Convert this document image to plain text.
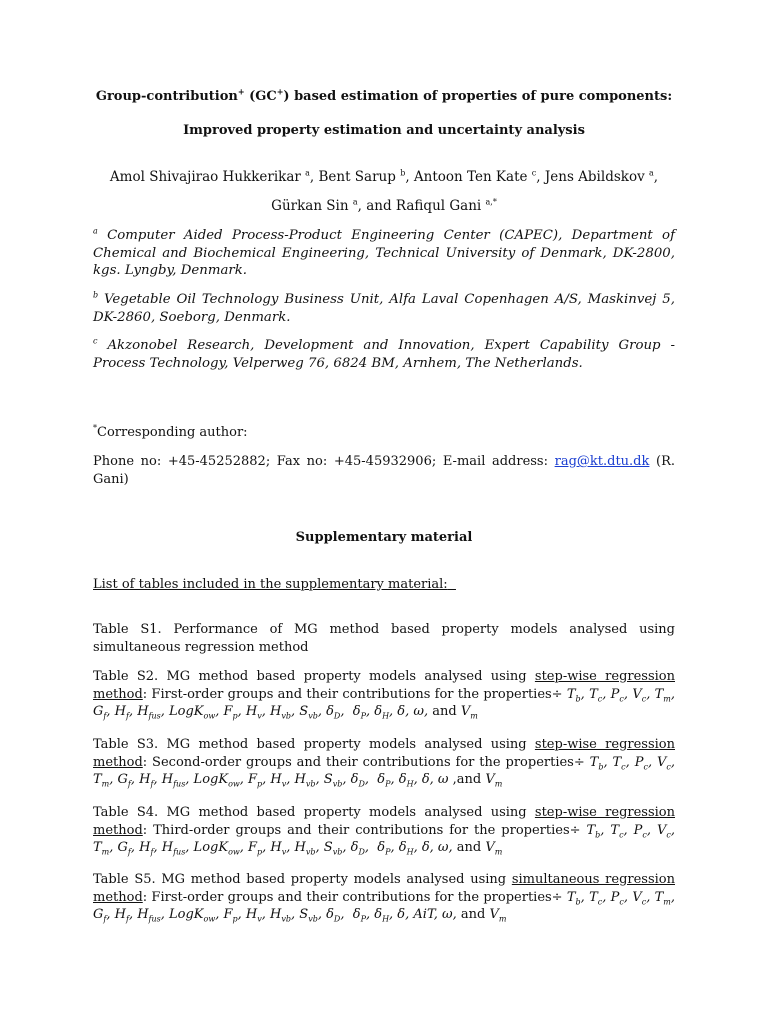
Group-contribution+ (GC+) based estimation of properties of pure components:
Improved property estimation and uncertainty analysis
Amol Shivajirao Hukkerikar $^a$, Bent Sarup $^b$, Antoon Ten Kate $^c$, Jens Abildskov $^a$,
Gürkan Sin $^a$, and Rafiqul Gani $^{a,*}$
$^a$ Computer Aided Process-Product Engineering Center (CAPEC), Department of Chemical and Biochemical Engineering, Technical University of Denmark, DK-2800, kgs. Lyngby, Denmark.
$^b$ Vegetable Oil Technology Business Unit, Alfa Laval Copenhagen A/S, Maskinvej 5, DK-2860, Soeborg, Denmark.
$^c$ Akzonobel Research, Development and Innovation, Expert Capability Group - Process Technology, Velperweg 76, 6824 BM, Arnhem, The Netherlands.
*Corresponding author:
Phone no: +45-45252882; Fax no: +45-45932906; E-mail address: rag@kt.dtu.dk (R. Gani)
Supplementary material
List of tables included in the supplementary material:
Table S1. Performance of MG method based property models analysed using simultaneous regression method
Table S2. MG method based property models analysed using step-wise regression method: First-order groups and their contributions for the properties÷ $T_b$, $T_c$, $P_c$, $V_c$, $T_m$, $G_f$, $H_f$, $H_{fus}$, LogK$_{ow}$, $F_p$, $H_v$, $H_{vb}$, $S_{vb}$, $\delta_D$,  $\delta_P$, $\delta_H$, δ, ω, and $V_m$
Table S3. MG method based property models analysed using step-wise regression method: Second-order groups and their contributions for the properties÷ $T_b$, $T_c$, $P_c$, $V_c$, $T_m$, $G_f$, $H_f$, $H_{fus}$, LogK$_{ow}$, $F_p$, $H_v$, $H_{vb}$, $S_{vb}$, $\delta_D$,  $\delta_P$, $\delta_H$, δ, ω ,and $V_m$
Table S4. MG method based property models analysed using step-wise regression method: Third-order groups and their contributions for the properties÷ $T_b$, $T_c$, $P_c$, $V_c$, $T_m$, $G_f$, $H_f$, $H_{fus}$, LogK$_{ow}$, $F_p$, $H_v$, $H_{vb}$, $S_{vb}$, $\delta_D$,  $\delta_P$, $\delta_H$, δ, ω, and $V_m$
Table S5. MG method based property models analysed using simultaneous regression method: First-order groups and their contributions for the properties÷ $T_b$, $T_c$, $P_c$, $V_c$, $T_m$, $G_f$, $H_f$, $H_{fus}$, LogK$_{ow}$, $F_p$, $H_v$, $H_{vb}$, $S_{vb}$, $\delta_D$,  $\delta_P$, $\delta_H$, δ, AiT, ω, and $V_m$
